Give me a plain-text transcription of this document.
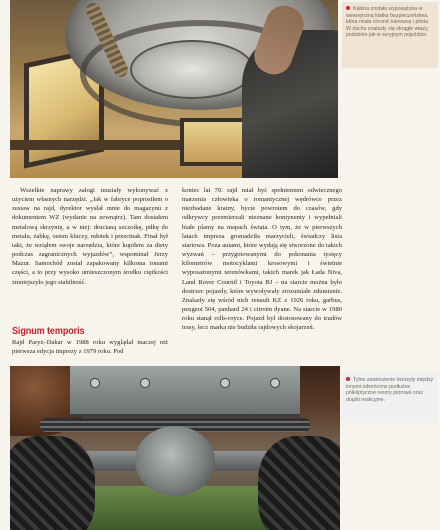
Kabina została wyposażona w wewnętrzną klatkę bezpieczeństwa, która miała chronić kierowcę i pilota. W dachu znalazły się okrągłe włazy, podobnie jak w seryjnym pojeździe.
Tylne zawieszenie tworzyły między innymi odwrócone podłużne półeliptyczne resory piórowe oraz drążki reakcyjne.

Wszelkie naprawy załogi musiały wykonywać z użyciem własnych narzędzi. „Jak w fabryce poprosiłem o zestaw na rajd, dyrektor wysłał mnie do magazynu z dokumentem WZ (wydanie na zewnątrz). Tam dostałem metalową skrzynię, a w niej: drucianą szczotkę, piłkę do metalu, żabkę, osiem kluczy, młotek i przecinak. Finał był taki, że wziąłem swoje narzędzia, które kupiłem za diety podczas zagranicznych wyjazdów”, wspominał Jerzy Mazur. Samochód został zapakowany kilkoma tonami części, a to przy wysoko umieszczonym środku ciężkości zmniejszyło jego stabilność.

Signum temporis

Rajd Paryż–Dakar w 1988 roku wyglądał inaczej niż pierwsza edycja imprezy z 1979 roku. Pod

koniec lat 70. rajd miał być spełnieniem odwiecznego marzenia człowieka o romantycznej wędrówce przez niezbadane krainy, bycie powrotem do czasów, gdy odkrywcy przemierzali nieznane kontynenty i wypełniali białe plamy na mapach świata. O tym, że w pierwszych latach impreza gromadziła marzycieli, świadczy lista startowa. Poza autami, które wydają się stworzone do takich wyzwań – przygotowanymi do pokonania tysięcy kilometrów motocyklami krosowymi i świetnie wyposażonymi terenówkami, takich marek jak Łada Niva, Land Rover Cournil i Toyota BJ – na starcie można było dostrzec pojazdy, które wywoływały zrozumiałe zdumienie. Znalazły się wśród nich renault KZ z 1926 roku, garbus, peugeot 504, panhard 24 i citroën dyane. Na starcie w 1980 roku stanął rolls-royce. Pojazd był dostosowany do trudów trasy, lecz marka nie budziła rajdowych skojarzeń.
